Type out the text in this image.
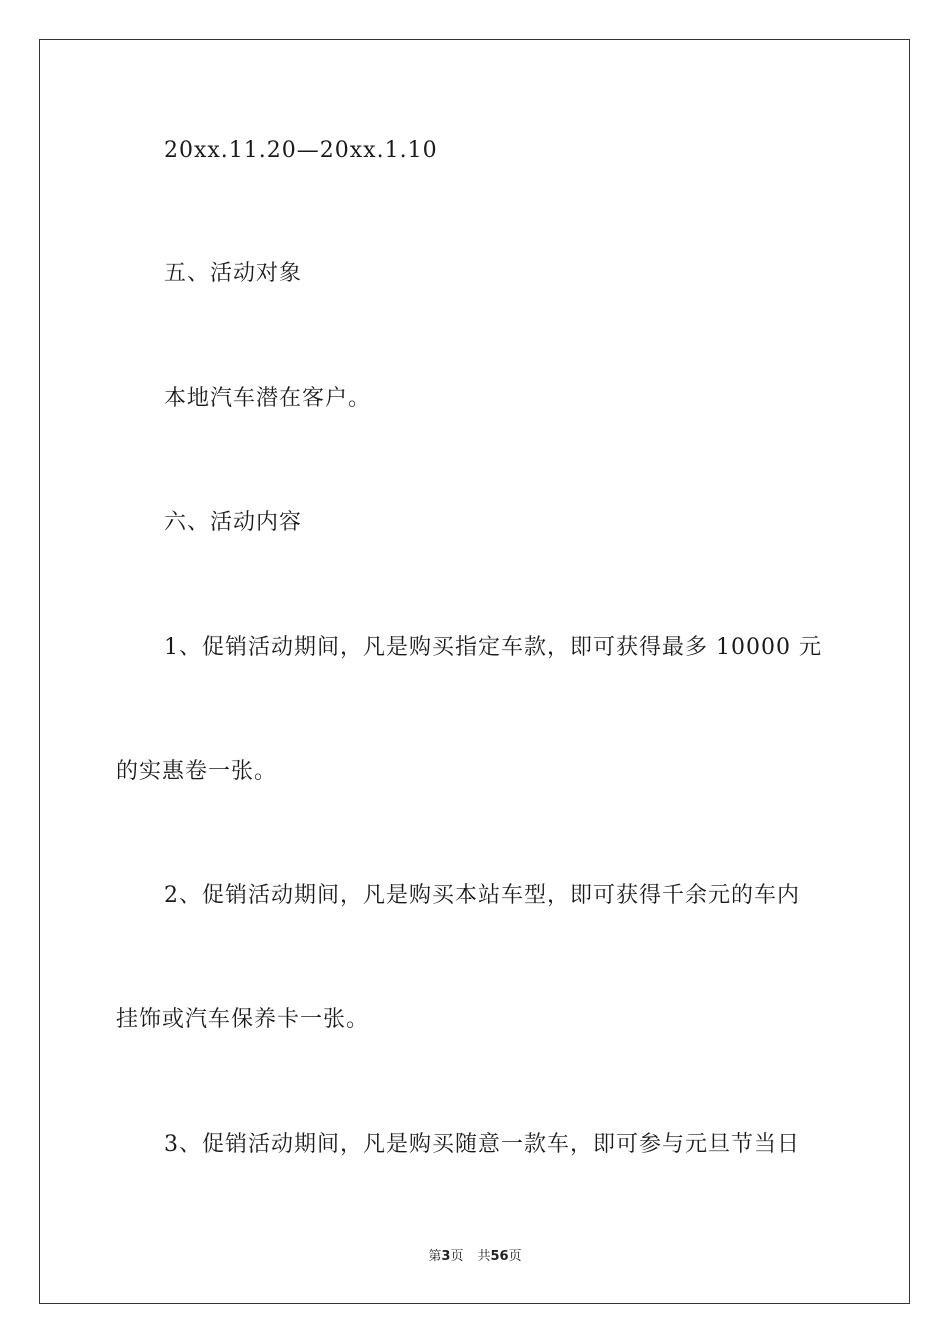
20xx.11.20—20xx.1.10
五、活动对象
本地汽车潜在客户。
六、活动内容
1、促销活动期间，凡是购买指定车款，即可获得最多 10000 元
的实惠卷一张。
2、促销活动期间，凡是购买本站车型，即可获得千余元的车内
挂饰或汽车保养卡一张。
3、促销活动期间，凡是购买随意一款车，即可参与元旦节当日
第3页 共56页
